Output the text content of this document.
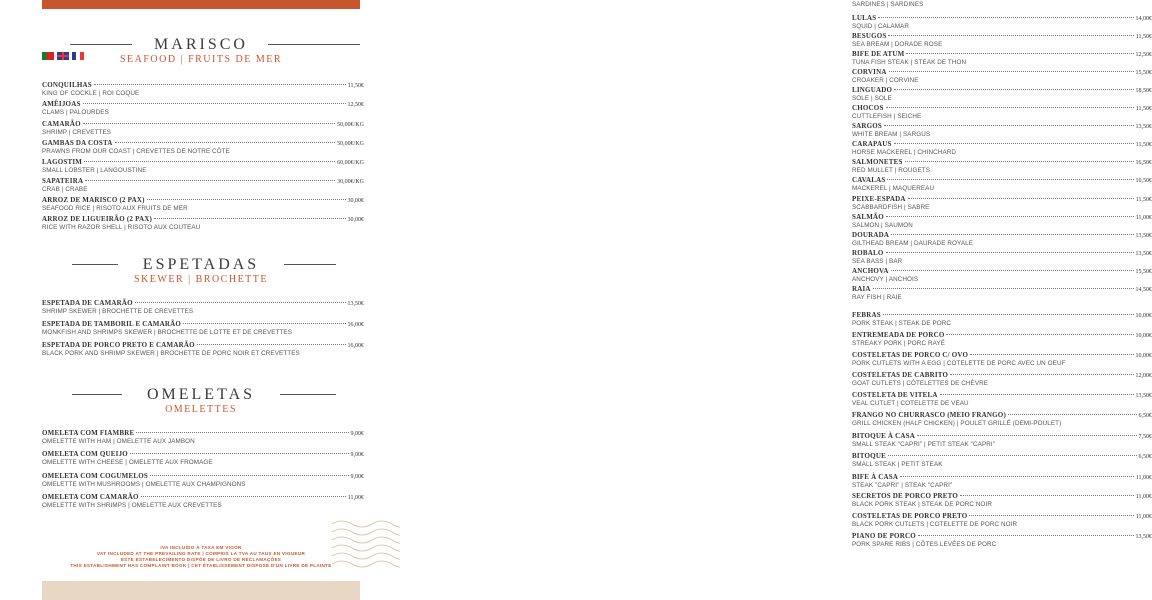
MARISCO
SEAFOOD | FRUITS DE MER
CONQUILHAS	11,50€
KING OF COCKLE | ROI COQUE
AMÊIJOAS	12,50€
CLAMS | PALOURDES
CAMARÃO	50,00€/KG
SHRIMP | CREVETTES
GAMBAS DA COSTA	50,00€/KG
PRAWNS FROM OUR COAST | CREVETTES DE NOTRE CÔTE
LAGOSTIM	60,00€/KG
SMALL LOBSTER | LANGOUSTINE
SAPATEIRA	30,00€/KG
CRAB | CRABE
ARROZ DE MARISCO (2 PAX)	30,00€
SEAFOOD RICE | RISOTO AUX FRUITS DE MER
ARROZ DE LIGUEIRÃO (2 PAX)	30,00€
RICE WITH RAZOR SHELL | RISOTO AUX COUTEAU
ESPETADAS
SKEWER | BROCHETTE
ESPETADA DE CAMARÃO	13,50€
SHRIMP SKEWER | BROCHETTE DE CREVETTES
ESPETADA DE TAMBORIL E CAMARÃO	16,00€
MONKFISH AND SHRIMPS SKEWER | BROCHETTE DE LOTTE ET DE CREVETTES
ESPETADA DE PORCO PRETO E CAMARÃO	16,00€
BLACK PORK AND SHRIMP SKEWER | BROCHETTE DE PORC NOIR ET CREVETTES
OMELETAS
OMELETTES
OMELETA COM FIAMBRE	9,00€
OMELETTE WITH HAM | OMELETTE AUX JAMBON
OMELETA COM QUEIJO	9,00€
OMELETTE WITH CHEESE | OMELETTE AUX FROMAGE
OMELETA COM COGUMELOS	9,00€
OMELETTE WITH MUSHROOMS | OMELETTE AUX CHAMPIGNONS
OMELETA COM CAMARÃO	11,00€
OMELETTE WITH SHRIMPS | OMELETTE AUX CREVETTES
IVA INCLUÍDO À TAXA EM VIGOR
VAT INCLUDED AT THE PREVAILING RATE | COMPRIS LA TVA AU TAUX EN VIGUEUR
ESTE ESTABELECIMENTO DISPÕE DE LIVRO DE RECLAMAÇÕES
THIS ESTABLISHMENT HAS COMPLAINT BOOK | CET ÉTABLISSEMENT DISPOSE D'UN LIVRE DE PLAINTE
SARDINES | SARDINES
LULAS	14,00€
SQUID | CALAMAR
BESUGOS	11,50€
SEA BREAM | DORADE ROSE
BIFE DE ATUM	12,50€
TUNA FISH STEAK | STEAK DE THON
CORVINA	15,50€
CROAKER | CORVINE
LINGUADO	18,50€
SOLE | SOLE
CHOCOS	11,50€
CUTTLEFISH | SEICHE
SARGOS	13,50€
WHITE BREAM | SARGUS
CARAPAUS	11,50€
HORSE MACKEREL | CHINCHARD
SALMONETES	16,50€
RED MULLET | ROUGETS
CAVALAS	10,50€
MACKEREL | MAQUEREAU
PEIXE-ESPADA	11,50€
SCABBARDFISH | SABRE
SALMÃO	11,00€
SALMON | SAUMON
DOURADA	13,50€
GILTHEAD BREAM | DAURADE ROYALE
ROBALO	13,50€
SEA BASS | BAR
ANCHOVA	15,50€
ANCHOVY | ANCHOIS
RAIA	14,50€
RAY FISH | RAIE
FEBRAS	10,00€
PORK STEAK | STEAK DE PORC
ENTREMEADA DE PORCO	10,00€
STREAKY PORK | PORC RAYÉ
COSTELETAS DE PORCO C/ OVO	10,00€
PORK CUTLETS WITH A EGG | COTELETTE DE PORC AVEC UN OEUF
COSTELETAS DE CABRITO	12,00€
GOAT CUTLETS | CÔTELETTES DE CHÈVRE
COSTELETA DE VITELA	13,50€
VEAL CUTLET | COTELETTE DE VEAU
FRANGO NO CHURRASCO (MEIO FRANGO)	6,50€
GRILL CHICKEN (HALF CHICKEN) | POULET GRILLÉ (DEMI-POULET)
BITOQUE À CASA	7,50€
SMALL STEAK "CAPRI" | PETIT STEAK "CAPRI"
BITOQUE	6,50€
SMALL STEAK | PETIT STEAK
BIFE À CASA	11,00€
STEAK "CAPRI" | STEAK "CAPRI"
SECRETOS DE PORCO PRETO	11,00€
BLACK PORK STEAK | STEAK DE PORC NOIR
COSTELETAS DE PORCO PRETO	11,00€
BLACK PORK CUTLETS | COTELETTE DE PORC NOIR
PIANO DE PORCO	13,50€
PORK SPARE RIBS | CÔTES LEVÉES DE PORC
